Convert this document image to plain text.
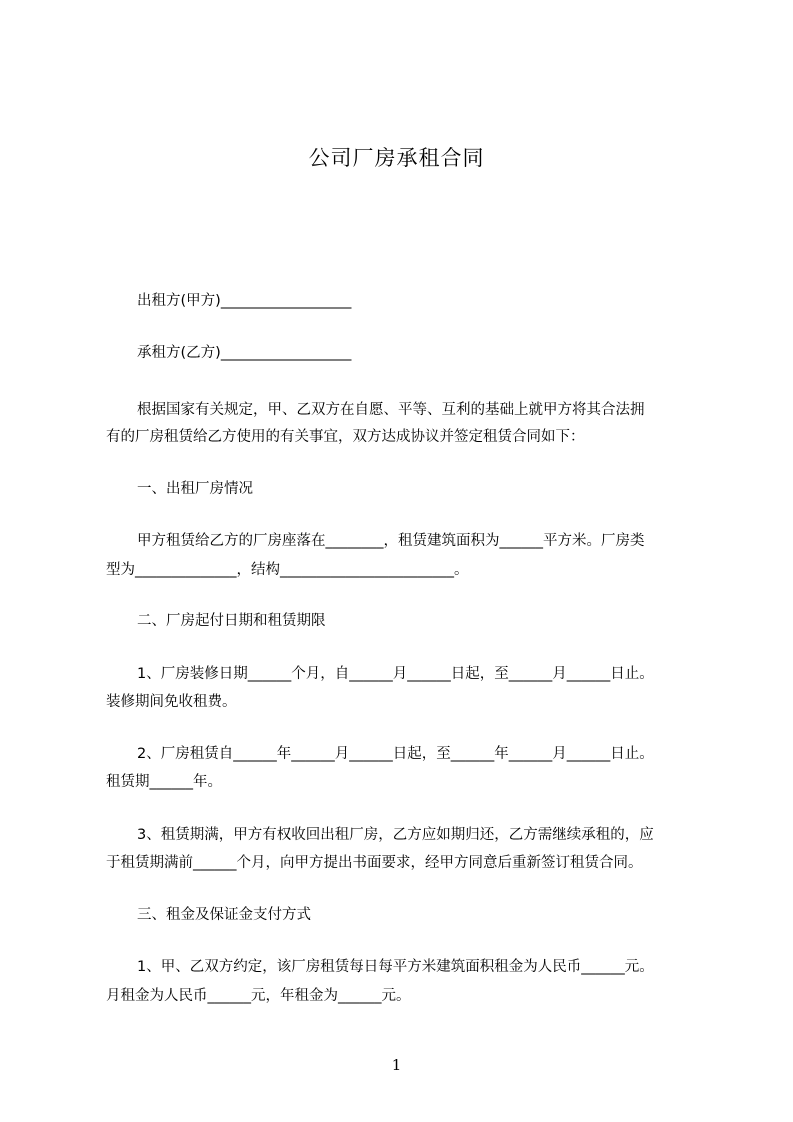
公司厂房承租合同
出租方(甲方)__________________
承租方(乙方)__________________
根据国家有关规定，甲、乙双方在自愿、平等、互利的基础上就甲方将其合法拥
有的厂房租赁给乙方使用的有关事宜，双方达成协议并签定租赁合同如下：
一、出租厂房情况
甲方租赁给乙方的厂房座落在________，租赁建筑面积为______平方米。厂房类
型为______________，结构________________________。
二、厂房起付日期和租赁期限
1、厂房装修日期______个月，自______月______日起，至______月______日止。
装修期间免收租费。
2、厂房租赁自______年______月______日起，至______年______月______日止。
租赁期______年。
3、租赁期满，甲方有权收回出租厂房，乙方应如期归还，乙方需继续承租的，应
于租赁期满前______个月，向甲方提出书面要求，经甲方同意后重新签订租赁合同。
三、租金及保证金支付方式
1、甲、乙双方约定，该厂房租赁每日每平方米建筑面积租金为人民币______元。
月租金为人民币______元，年租金为______元。
1
